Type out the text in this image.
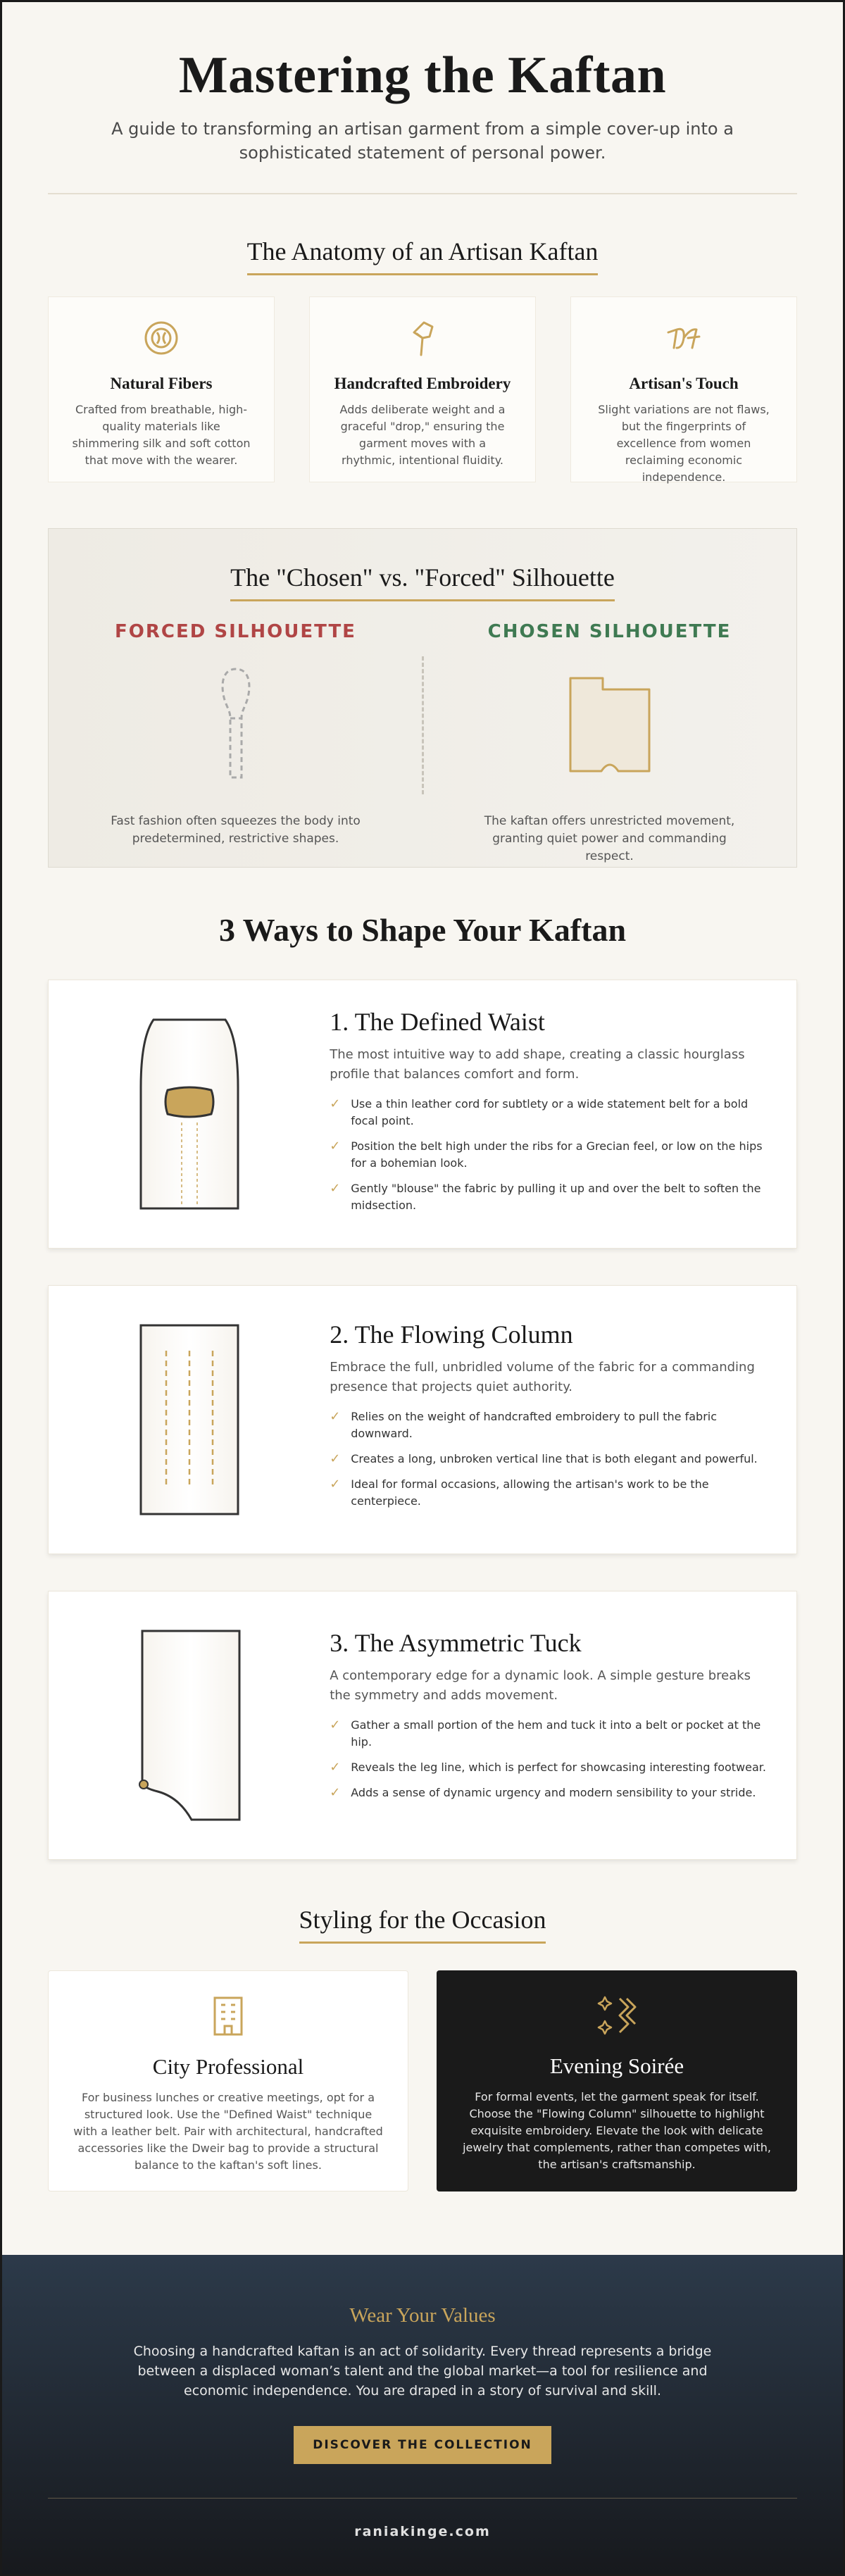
Mastering the Kaftan

A guide to transforming an artisan garment from a simple cover-up into a sophisticated statement of personal power.

The Anatomy of an Artisan Kaftan
Natural Fibers

Crafted from breathable, high-quality materials like shimmering silk and soft cotton that move with the wearer.

Handcrafted Embroidery

Adds deliberate weight and a graceful "drop," ensuring the garment moves with a rhythmic, intentional fluidity.

Artisan's Touch

Slight variations are not flaws, but the fingerprints of excellence from women reclaiming economic independence.

The "Chosen" vs. "Forced" Silhouette
FORCED SILHOUETTE

Fast fashion often squeezes the body into predetermined, restrictive shapes.

CHOSEN SILHOUETTE

The kaftan offers unrestricted movement, granting quiet power and commanding respect.

3 Ways to Shape Your Kaftan
1. The Defined Waist

The most intuitive way to add shape, creating a classic hourglass profile that balances comfort and form.

✓ Use a thin leather cord for subtlety or a wide statement belt for a bold focal point.
✓ Position the belt high under the ribs for a Grecian feel, or low on the hips for a bohemian look.
✓ Gently "blouse" the fabric by pulling it up and over the belt to soften the midsection.
2. The Flowing Column

Embrace the full, unbridled volume of the fabric for a commanding presence that projects quiet authority.

✓ Relies on the weight of handcrafted embroidery to pull the fabric downward.
✓ Creates a long, unbroken vertical line that is both elegant and powerful.
✓ Ideal for formal occasions, allowing the artisan's work to be the centerpiece.
3. The Asymmetric Tuck

A contemporary edge for a dynamic look. A simple gesture breaks the symmetry and adds movement.

✓ Gather a small portion of the hem and tuck it into a belt or pocket at the hip.
✓ Reveals the leg line, which is perfect for showcasing interesting footwear.
✓ Adds a sense of dynamic urgency and modern sensibility to your stride.
Styling for the Occasion
City Professional

For business lunches or creative meetings, opt for a structured look. Use the "Defined Waist" technique with a leather belt. Pair with architectural, handcrafted accessories like the Dweir bag to provide a structural balance to the kaftan's soft lines.

Evening Soirée

For formal events, let the garment speak for itself. Choose the "Flowing Column" silhouette to highlight exquisite embroidery. Elevate the look with delicate jewelry that complements, rather than competes with, the artisan's craftsmanship.

Wear Your Values

Choosing a handcrafted kaftan is an act of solidarity. Every thread represents a bridge between a displaced woman’s talent and the global market—a tool for resilience and economic independence. You are draped in a story of survival and skill.

DISCOVER THE COLLECTION
raniakinge.com
